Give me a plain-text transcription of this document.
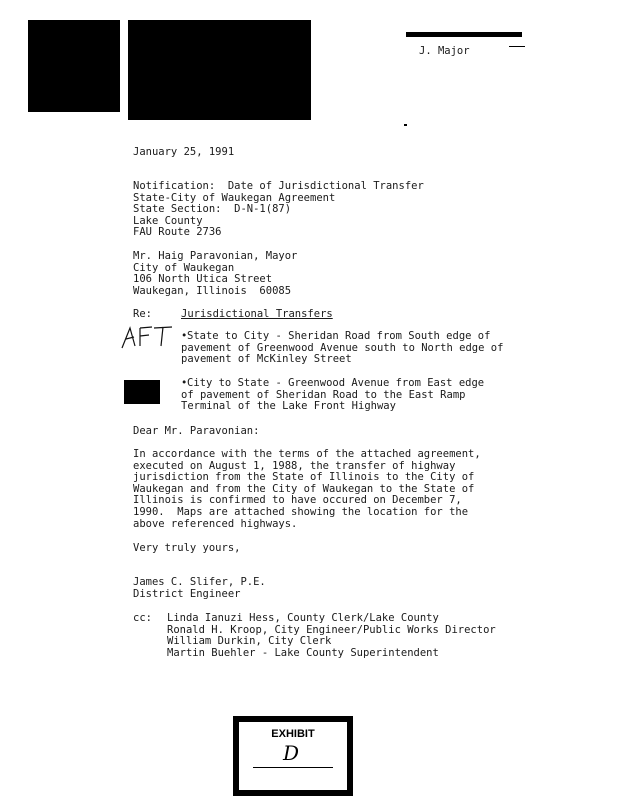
J. Major
January 25, 1991
Notification:  Date of Jurisdictional Transfer
State-City of Waukegan Agreement
State Section:  D-N-1(87)
Lake County
FAU Route 2736
Mr. Haig Paravonian, Mayor
City of Waukegan
106 North Utica Street
Waukegan, Illinois  60085
Re:	Jurisdictional Transfers
• State to City - Sheridan Road from South edge of
pavement of Greenwood Avenue south to North edge of
pavement of McKinley Street
• City to State - Greenwood Avenue from East edge
of pavement of Sheridan Road to the East Ramp
Terminal of the Lake Front Highway
Dear Mr. Paravonian:
In accordance with the terms of the attached agreement,
executed on August 1, 1988, the transfer of highway
jurisdiction from the State of Illinois to the City of
Waukegan and from the City of Waukegan to the State of
Illinois is confirmed to have occured on December 7,
1990.  Maps are attached showing the location for the
above referenced highways.
Very truly yours,
James C. Slifer, P.E.
District Engineer
cc: Linda Ianuzi Hess, County Clerk/Lake County
Ronald H. Kroop, City Engineer/Public Works Director
William Durkin, City Clerk
Martin Buehler - Lake County Superintendent
EXHIBIT
D
